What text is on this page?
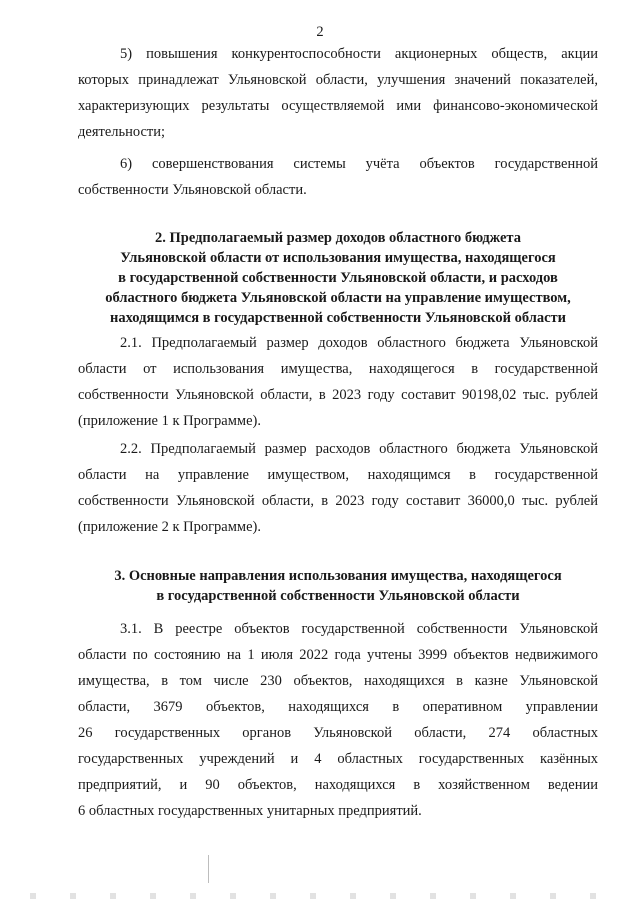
2
5) повышения конкурентоспособности акционерных обществ, акции
которых принадлежат Ульяновской области, улучшения значений показателей,
характеризующих результаты осуществляемой ими финансово-экономической
деятельности;
6) совершенствования системы учёта объектов государственной
собственности Ульяновской области.
2. Предполагаемый размер доходов областного бюджета
Ульяновской области от использования имущества, находящегося
в государственной собственности Ульяновской области, и расходов
областного бюджета Ульяновской области на управление имуществом,
находящимся в государственной собственности Ульяновской области
2.1. Предполагаемый размер доходов областного бюджета Ульяновской
области от использования имущества, находящегося в государственной
собственности Ульяновской области, в 2023 году составит 90198,02 тыс. рублей
(приложение 1 к Программе).
2.2. Предполагаемый размер расходов областного бюджета Ульяновской
области на управление имуществом, находящимся в государственной
собственности Ульяновской области, в 2023 году составит 36000,0 тыс. рублей
(приложение 2 к Программе).
3. Основные направления использования имущества, находящегося
в государственной собственности Ульяновской области
3.1. В реестре объектов государственной собственности Ульяновской
области по состоянию на 1 июля 2022 года учтены 3999 объектов недвижимого
имущества, в том числе 230 объектов, находящихся в казне Ульяновской
области, 3679 объектов, находящихся в оперативном управлении
26 государственных органов Ульяновской области, 274 областных
государственных учреждений и 4 областных государственных казённых
предприятий, и 90 объектов, находящихся в хозяйственном ведении
6 областных государственных унитарных предприятий.
